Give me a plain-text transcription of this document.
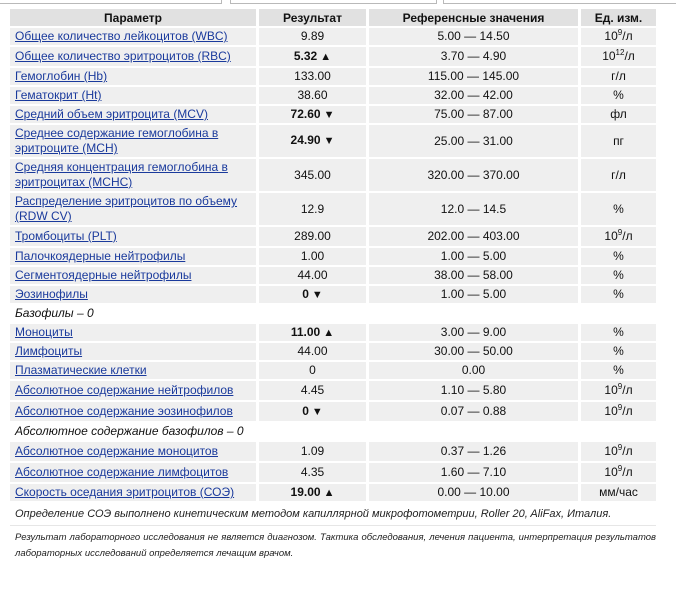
Параметр	Результат	Референсные значения	Ед. изм.
Общее количество лейкоцитов (WBC)	9.89	5.00 — 14.50	$10^9/л$
Общее количество эритроцитов (RBC)	5.32 ▲	3.70 — 4.90	$10^{12}/л$
Гемоглобин (Hb)	133.00	115.00 — 145.00	г/л
Гематокрит (Ht)	38.60	32.00 — 42.00	%
Средний объем эритроцита (MCV)	72.60 ▼	75.00 — 87.00	фл
Среднее содержание гемоглобина в эритроците (MCH)	24.90 ▼	25.00 — 31.00	пг
Средняя концентрация гемоглобина в эритроцитах (MCHC)	345.00	320.00 — 370.00	г/л
Распределение эритроцитов по объему (RDW CV)	12.9	12.0 — 14.5	%
Тромбоциты (PLT)	289.00	202.00 — 403.00	$10^9/л$
Палочкоядерные нейтрофилы	1.00	1.00 — 5.00	%
Сегментоядерные нейтрофилы	44.00	38.00 — 58.00	%
Эозинофилы	0 ▼	1.00 — 5.00	%
Базофилы – 0			
Моноциты	11.00 ▲	3.00 — 9.00	%
Лимфоциты	44.00	30.00 — 50.00	%
Плазматические клетки	0	0.00	%
Абсолютное содержание нейтрофилов	4.45	1.10 — 5.80	$10^9/л$
Абсолютное содержание эозинофилов	0 ▼	0.07 — 0.88	$10^9/л$
Абсолютное содержание базофилов – 0			
Абсолютное содержание моноцитов	1.09	0.37 — 1.26	$10^9/л$
Абсолютное содержание лимфоцитов	4.35	1.60 — 7.10	$10^9/л$
Скорость оседания эритроцитов (СОЭ)	19.00 ▲	0.00 — 10.00	мм/час
Определение СОЭ выполнено кинетическим методом капиллярной микрофотометрии, Roller 20, AliFax, Италия.
Результат лабораторного исследования не является диагнозом. Тактика обследования, лечения пациента, интерпретация результатов лабораторных исследований определяется лечащим врачом.
